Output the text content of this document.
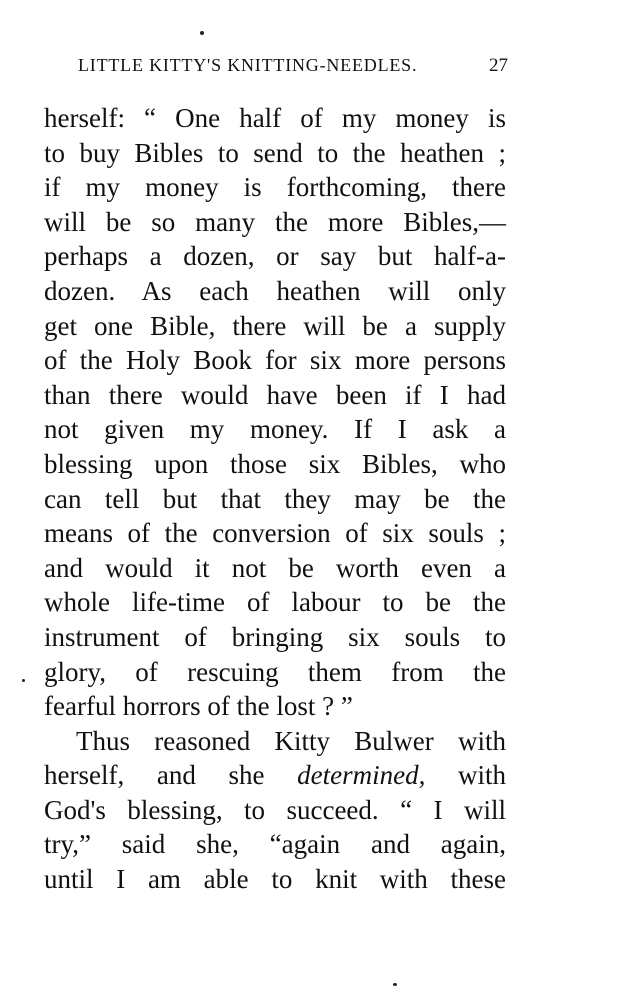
LITTLE KITTY'S KNITTING-NEEDLES.	27
herself: “ One half of my money is
to buy Bibles to send to the heathen ;
if my money is forthcoming, there
will be so many the more Bibles,—
perhaps a dozen, or say but half-a-
dozen. As each heathen will only
get one Bible, there will be a supply
of the Holy Book for six more persons
than there would have been if I had
not given my money. If I ask a
blessing upon those six Bibles, who
can tell but that they may be the
means of the conversion of six souls ;
and would it not be worth even a
whole life-time of labour to be the
instrument of bringing six souls to
glory, of rescuing them from the
fearful horrors of the lost ? ”
Thus reasoned Kitty Bulwer with
herself, and she determined, with
God's blessing, to succeed. “ I will
try,” said she, “again and again,
until I am able to knit with these
